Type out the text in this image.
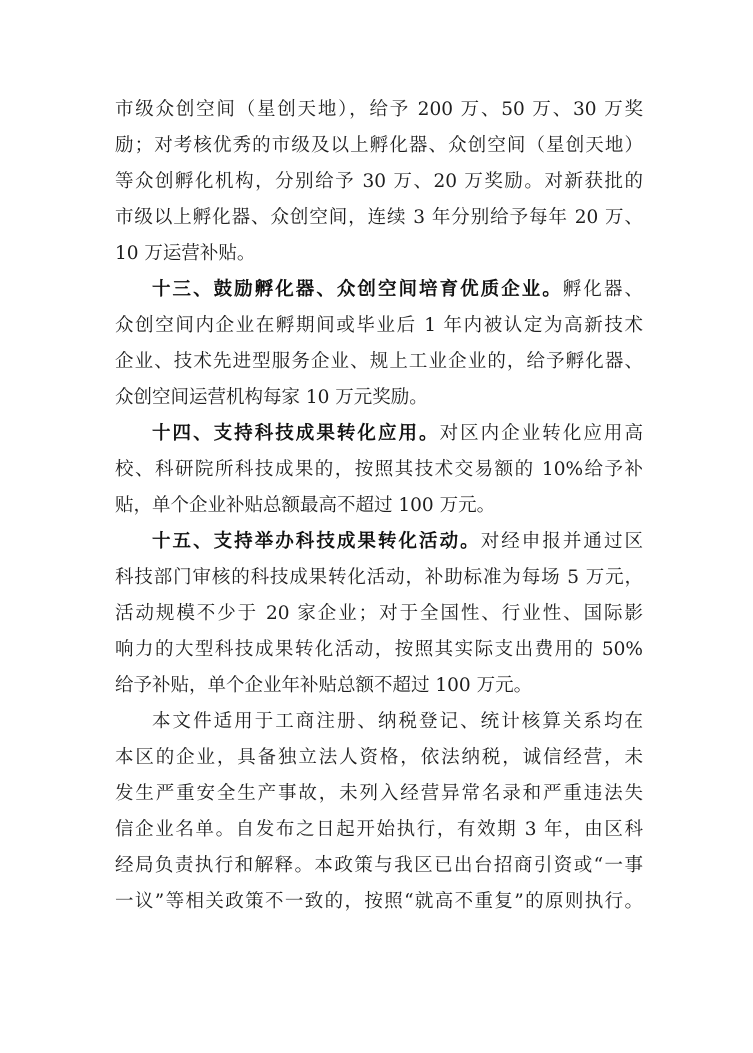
市级众创空间（星创天地），给予 200 万、50 万、30 万奖
励；对考核优秀的市级及以上孵化器、众创空间（星创天地）
等众创孵化机构，分别给予 30 万、20 万奖励。对新获批的
市级以上孵化器、众创空间，连续 3 年分别给予每年 20 万、
10 万运营补贴。
十三、鼓励孵化器、众创空间培育优质企业。孵化器、
众创空间内企业在孵期间或毕业后 1 年内被认定为高新技术
企业、技术先进型服务企业、规上工业企业的，给予孵化器、
众创空间运营机构每家 10 万元奖励。
十四、支持科技成果转化应用。对区内企业转化应用高
校、科研院所科技成果的，按照其技术交易额的 10%给予补
贴，单个企业补贴总额最高不超过 100 万元。
十五、支持举办科技成果转化活动。对经申报并通过区
科技部门审核的科技成果转化活动，补助标准为每场 5 万元，
活动规模不少于 20 家企业；对于全国性、行业性、国际影
响力的大型科技成果转化活动，按照其实际支出费用的 50%
给予补贴，单个企业年补贴总额不超过 100 万元。
本文件适用于工商注册、纳税登记、统计核算关系均在
本区的企业，具备独立法人资格，依法纳税，诚信经营，未
发生严重安全生产事故，未列入经营异常名录和严重违法失
信企业名单。自发布之日起开始执行，有效期 3 年，由区科
经局负责执行和解释。本政策与我区已出台招商引资或“一事
一议”等相关政策不一致的，按照“就高不重复”的原则执行。
